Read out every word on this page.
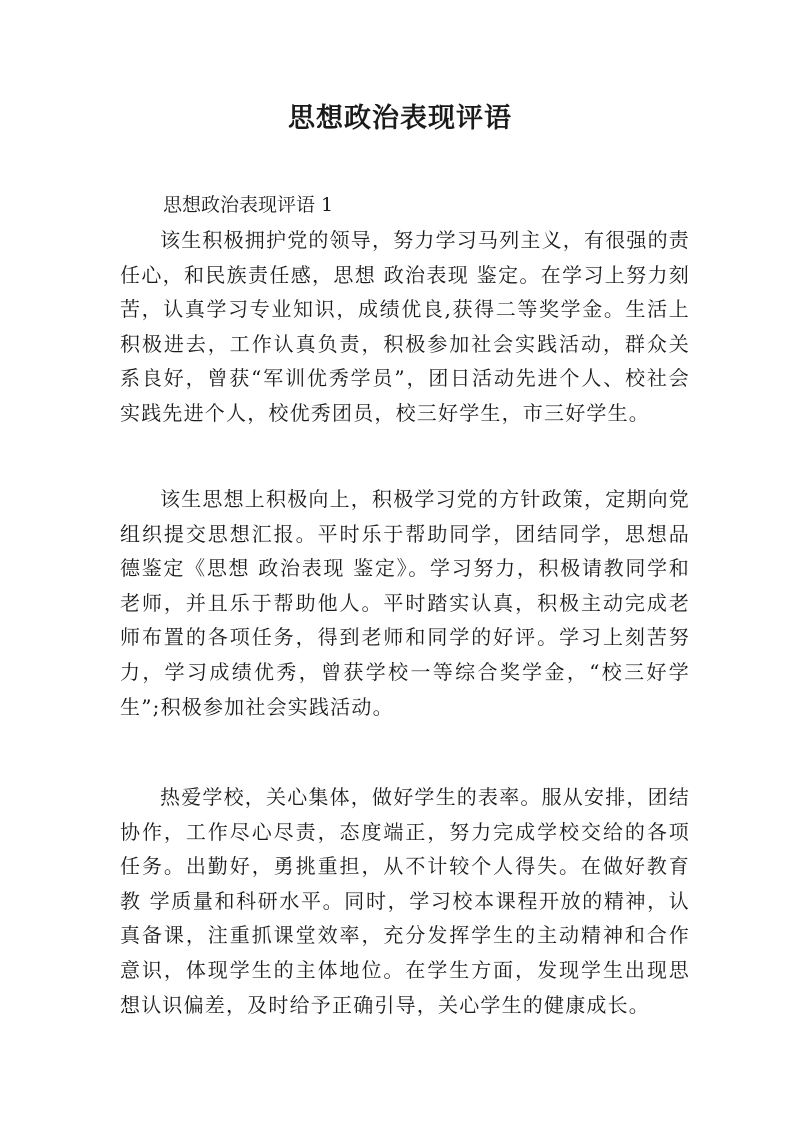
思想政治表现评语

思想政治表现评语 1

该生积极拥护党的领导，努力学习马列主义，有很强的责任心，和民族责任感，思想 政治表现 鉴定。在学习上努力刻苦，认真学习专业知识，成绩优良,获得二等奖学金。生活上积极进去，工作认真负责，积极参加社会实践活动，群众关系良好，曾获“军训优秀学员”，团日活动先进个人、校社会实践先进个人，校优秀团员，校三好学生，市三好学生。

该生思想上积极向上，积极学习党的方针政策，定期向党组织提交思想汇报。平时乐于帮助同学，团结同学，思想品德鉴定《思想 政治表现 鉴定》。学习努力，积极请教同学和老师，并且乐于帮助他人。平时踏实认真，积极主动完成老师布置的各项任务，得到老师和同学的好评。学习上刻苦努力，学习成绩优秀，曾获学校一等综合奖学金，“校三好学生”;积极参加社会实践活动。

热爱学校，关心集体，做好学生的表率。服从安排，团结协作，工作尽心尽责，态度端正，努力完成学校交给的各项任务。出勤好，勇挑重担，从不计较个人得失。在做好教育教 学质量和科研水平。同时，学习校本课程开放的精神，认真备课，注重抓课堂效率，充分发挥学生的主动精神和合作意识，体现学生的主体地位。在学生方面，发现学生出现思想认识偏差，及时给予正确引导，关心学生的健康成长。
